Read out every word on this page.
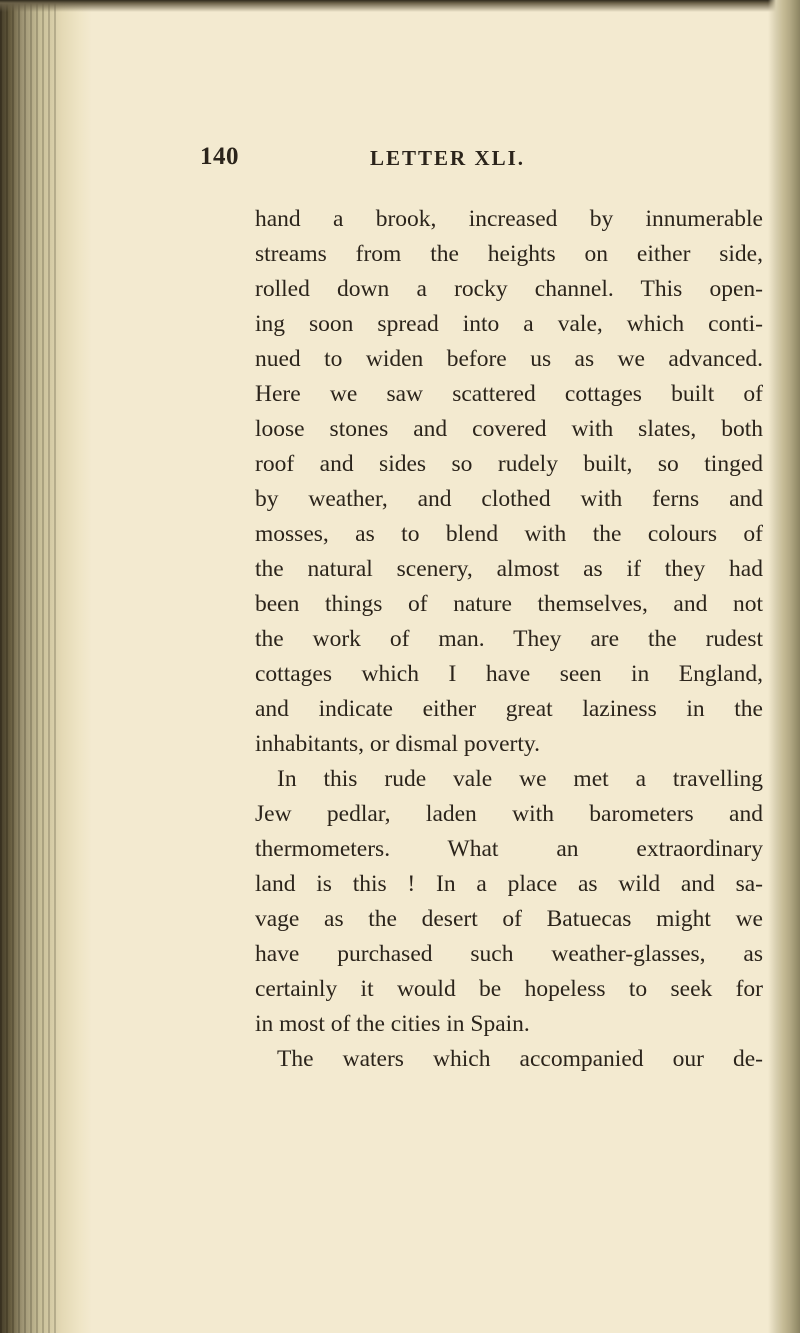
140	LETTER XLI.
hand a brook, increased by innumerable
streams from the heights on either side,
rolled down a rocky channel. This open-
ing soon spread into a vale, which conti-
nued to widen before us as we advanced.
Here we saw scattered cottages built of
loose stones and covered with slates, both
roof and sides so rudely built, so tinged
by weather, and clothed with ferns and
mosses, as to blend with the colours of
the natural scenery, almost as if they had
been things of nature themselves, and not
the work of man. They are the rudest
cottages which I have seen in England,
and indicate either great laziness in the
inhabitants, or dismal poverty.
In this rude vale we met a travelling
Jew pedlar, laden with barometers and
thermometers. What an extraordinary
land is this ! In a place as wild and sa-
vage as the desert of Batuecas might we
have purchased such weather-glasses, as
certainly it would be hopeless to seek for
in most of the cities in Spain.
The waters which accompanied our de-
